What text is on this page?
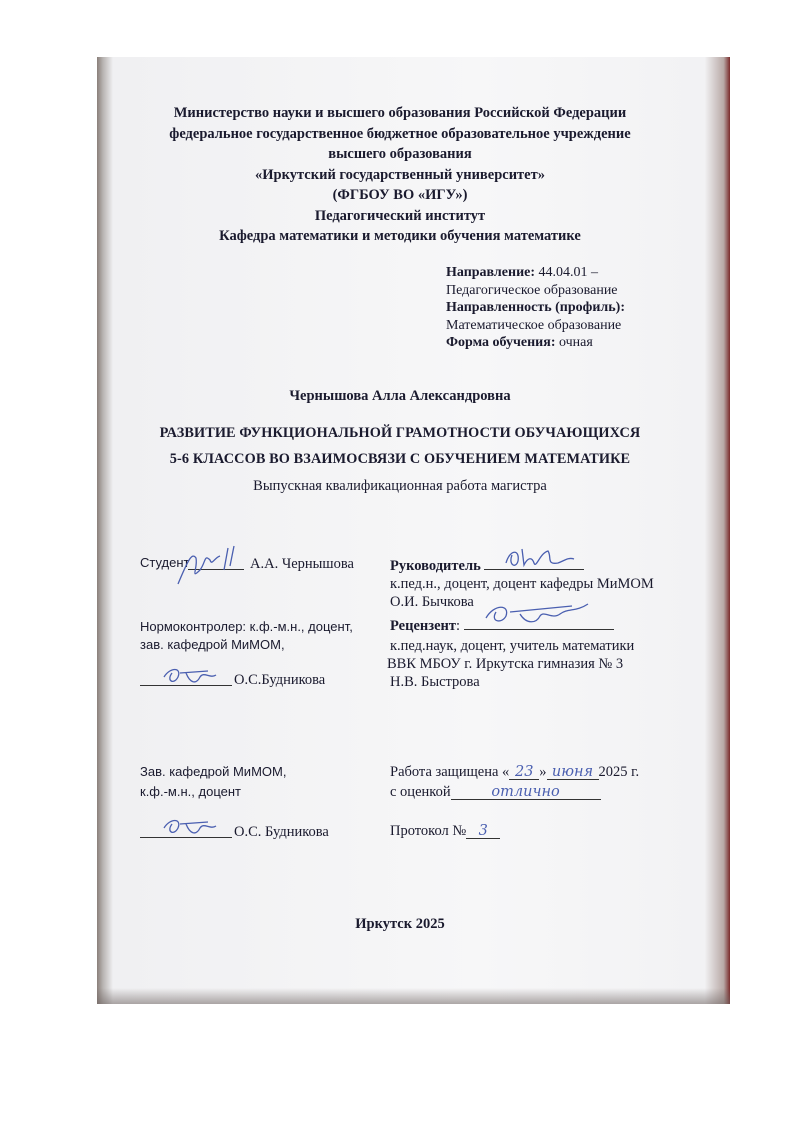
Министерство науки и высшего образования Российской Федерации

федеральное государственное бюджетное образовательное учреждение

высшего образования

«Иркутский государственный университет»

(ФГБОУ ВО «ИГУ»)

Педагогический институт

Кафедра математики и методики обучения математике

Направление: 44.04.01 –
Педагогическое образование
Направленность (профиль):
Математическое образование
Форма обучения: очная
Чернышова Алла Александровна
РАЗВИТИЕ ФУНКЦИОНАЛЬНОЙ ГРАМОТНОСТИ ОБУЧАЮЩИХСЯ
5-6 КЛАССОВ ВО ВЗАИМОСВЯЗИ С ОБУЧЕНИЕМ МАТЕМАТИКЕ
Выпускная квалификационная работа магистра
Студент	А.А. Чернышова Руководитель
к.пед.н., доцент, доцент кафедры МиМОМ
О.И. Бычкова
Нормоконтролер: к.ф.-м.н., доцент,
зав. кафедрой МиМОМ,
О.С.Будникова
Рецензент:
к.пед.наук, доцент, учитель математики
ВВК МБОУ г. Иркутска гимназия № 3
Н.В. Быстрова
Зав. кафедрой МиМОМ,
к.ф.-м.н., доцент
О.С. Будникова
Работа защищена « 23 » июня 2025 г.
с оценкой	отлично
Протокол № 3
Иркутск 2025
